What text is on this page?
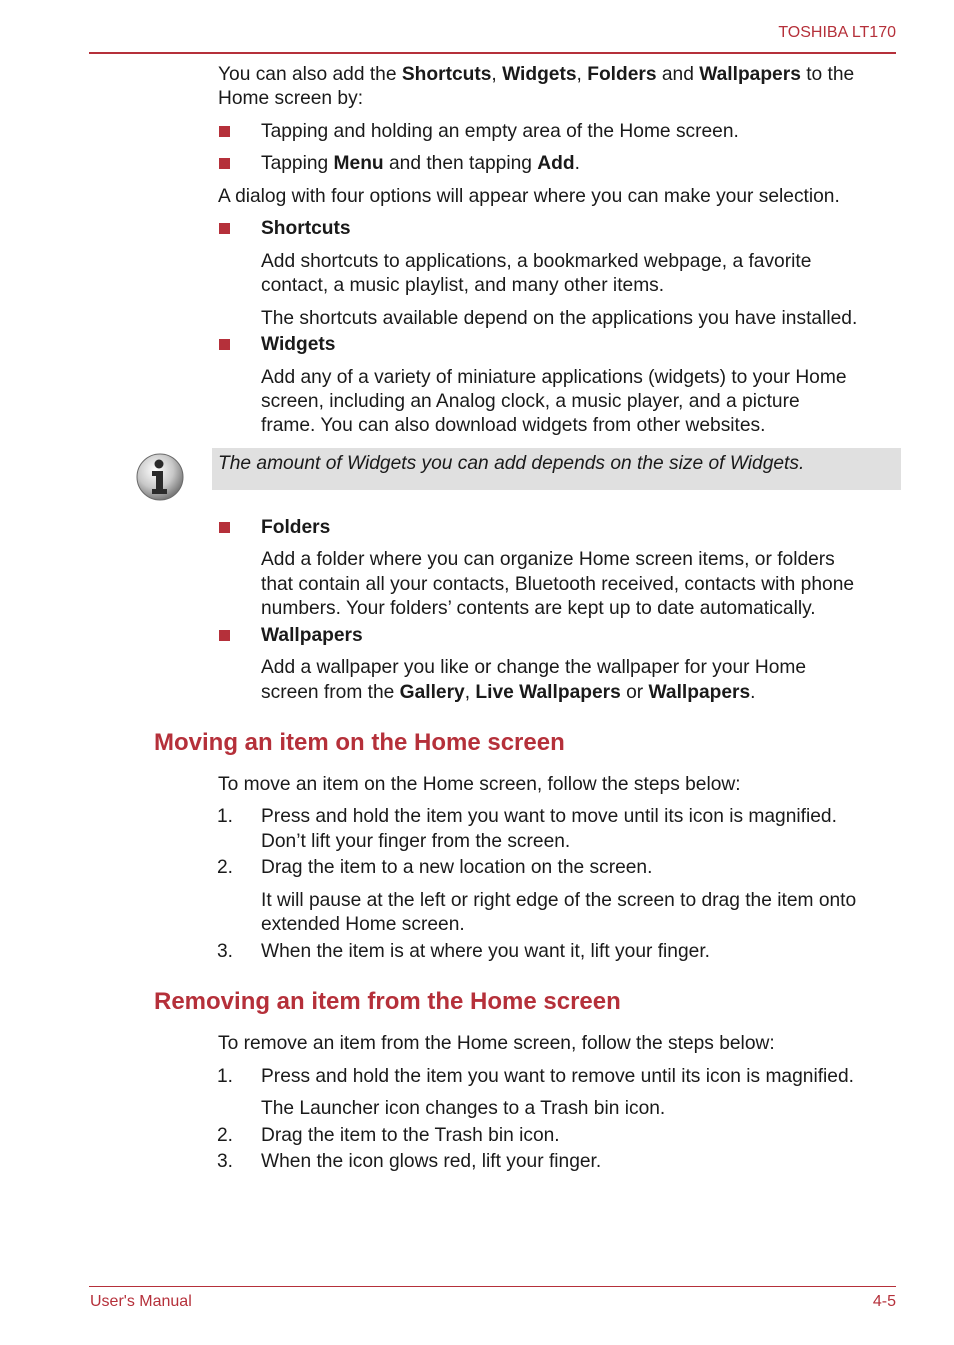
TOSHIBA LT170
You can also add the Shortcuts, Widgets, Folders and Wallpapers to the
Home screen by:
Tapping and holding an empty area of the Home screen.
Tapping Menu and then tapping Add.
A dialog with four options will appear where you can make your selection.
Shortcuts
Add shortcuts to applications, a bookmarked webpage, a favorite
contact, a music playlist, and many other items.
The shortcuts available depend on the applications you have installed.
Widgets
Add any of a variety of miniature applications (widgets) to your Home
screen, including an Analog clock, a music player, and a picture
frame. You can also download widgets from other websites.
The amount of Widgets you can add depends on the size of Widgets.
Folders
Add a folder where you can organize Home screen items, or folders
that contain all your contacts, Bluetooth received, contacts with phone
numbers. Your folders’ contents are kept up to date automatically.
Wallpapers
Add a wallpaper you like or change the wallpaper for your Home
screen from the Gallery, Live Wallpapers or Wallpapers.
Moving an item on the Home screen
To move an item on the Home screen, follow the steps below:
1. Press and hold the item you want to move until its icon is magnified.
Don’t lift your finger from the screen.
2. Drag the item to a new location on the screen.
It will pause at the left or right edge of the screen to drag the item onto
extended Home screen.
3. When the item is at where you want it, lift your finger.
Removing an item from the Home screen
To remove an item from the Home screen, follow the steps below:
1. Press and hold the item you want to remove until its icon is magnified.
The Launcher icon changes to a Trash bin icon.
2. Drag the item to the Trash bin icon.
3. When the icon glows red, lift your finger.
User's Manual	4-5
